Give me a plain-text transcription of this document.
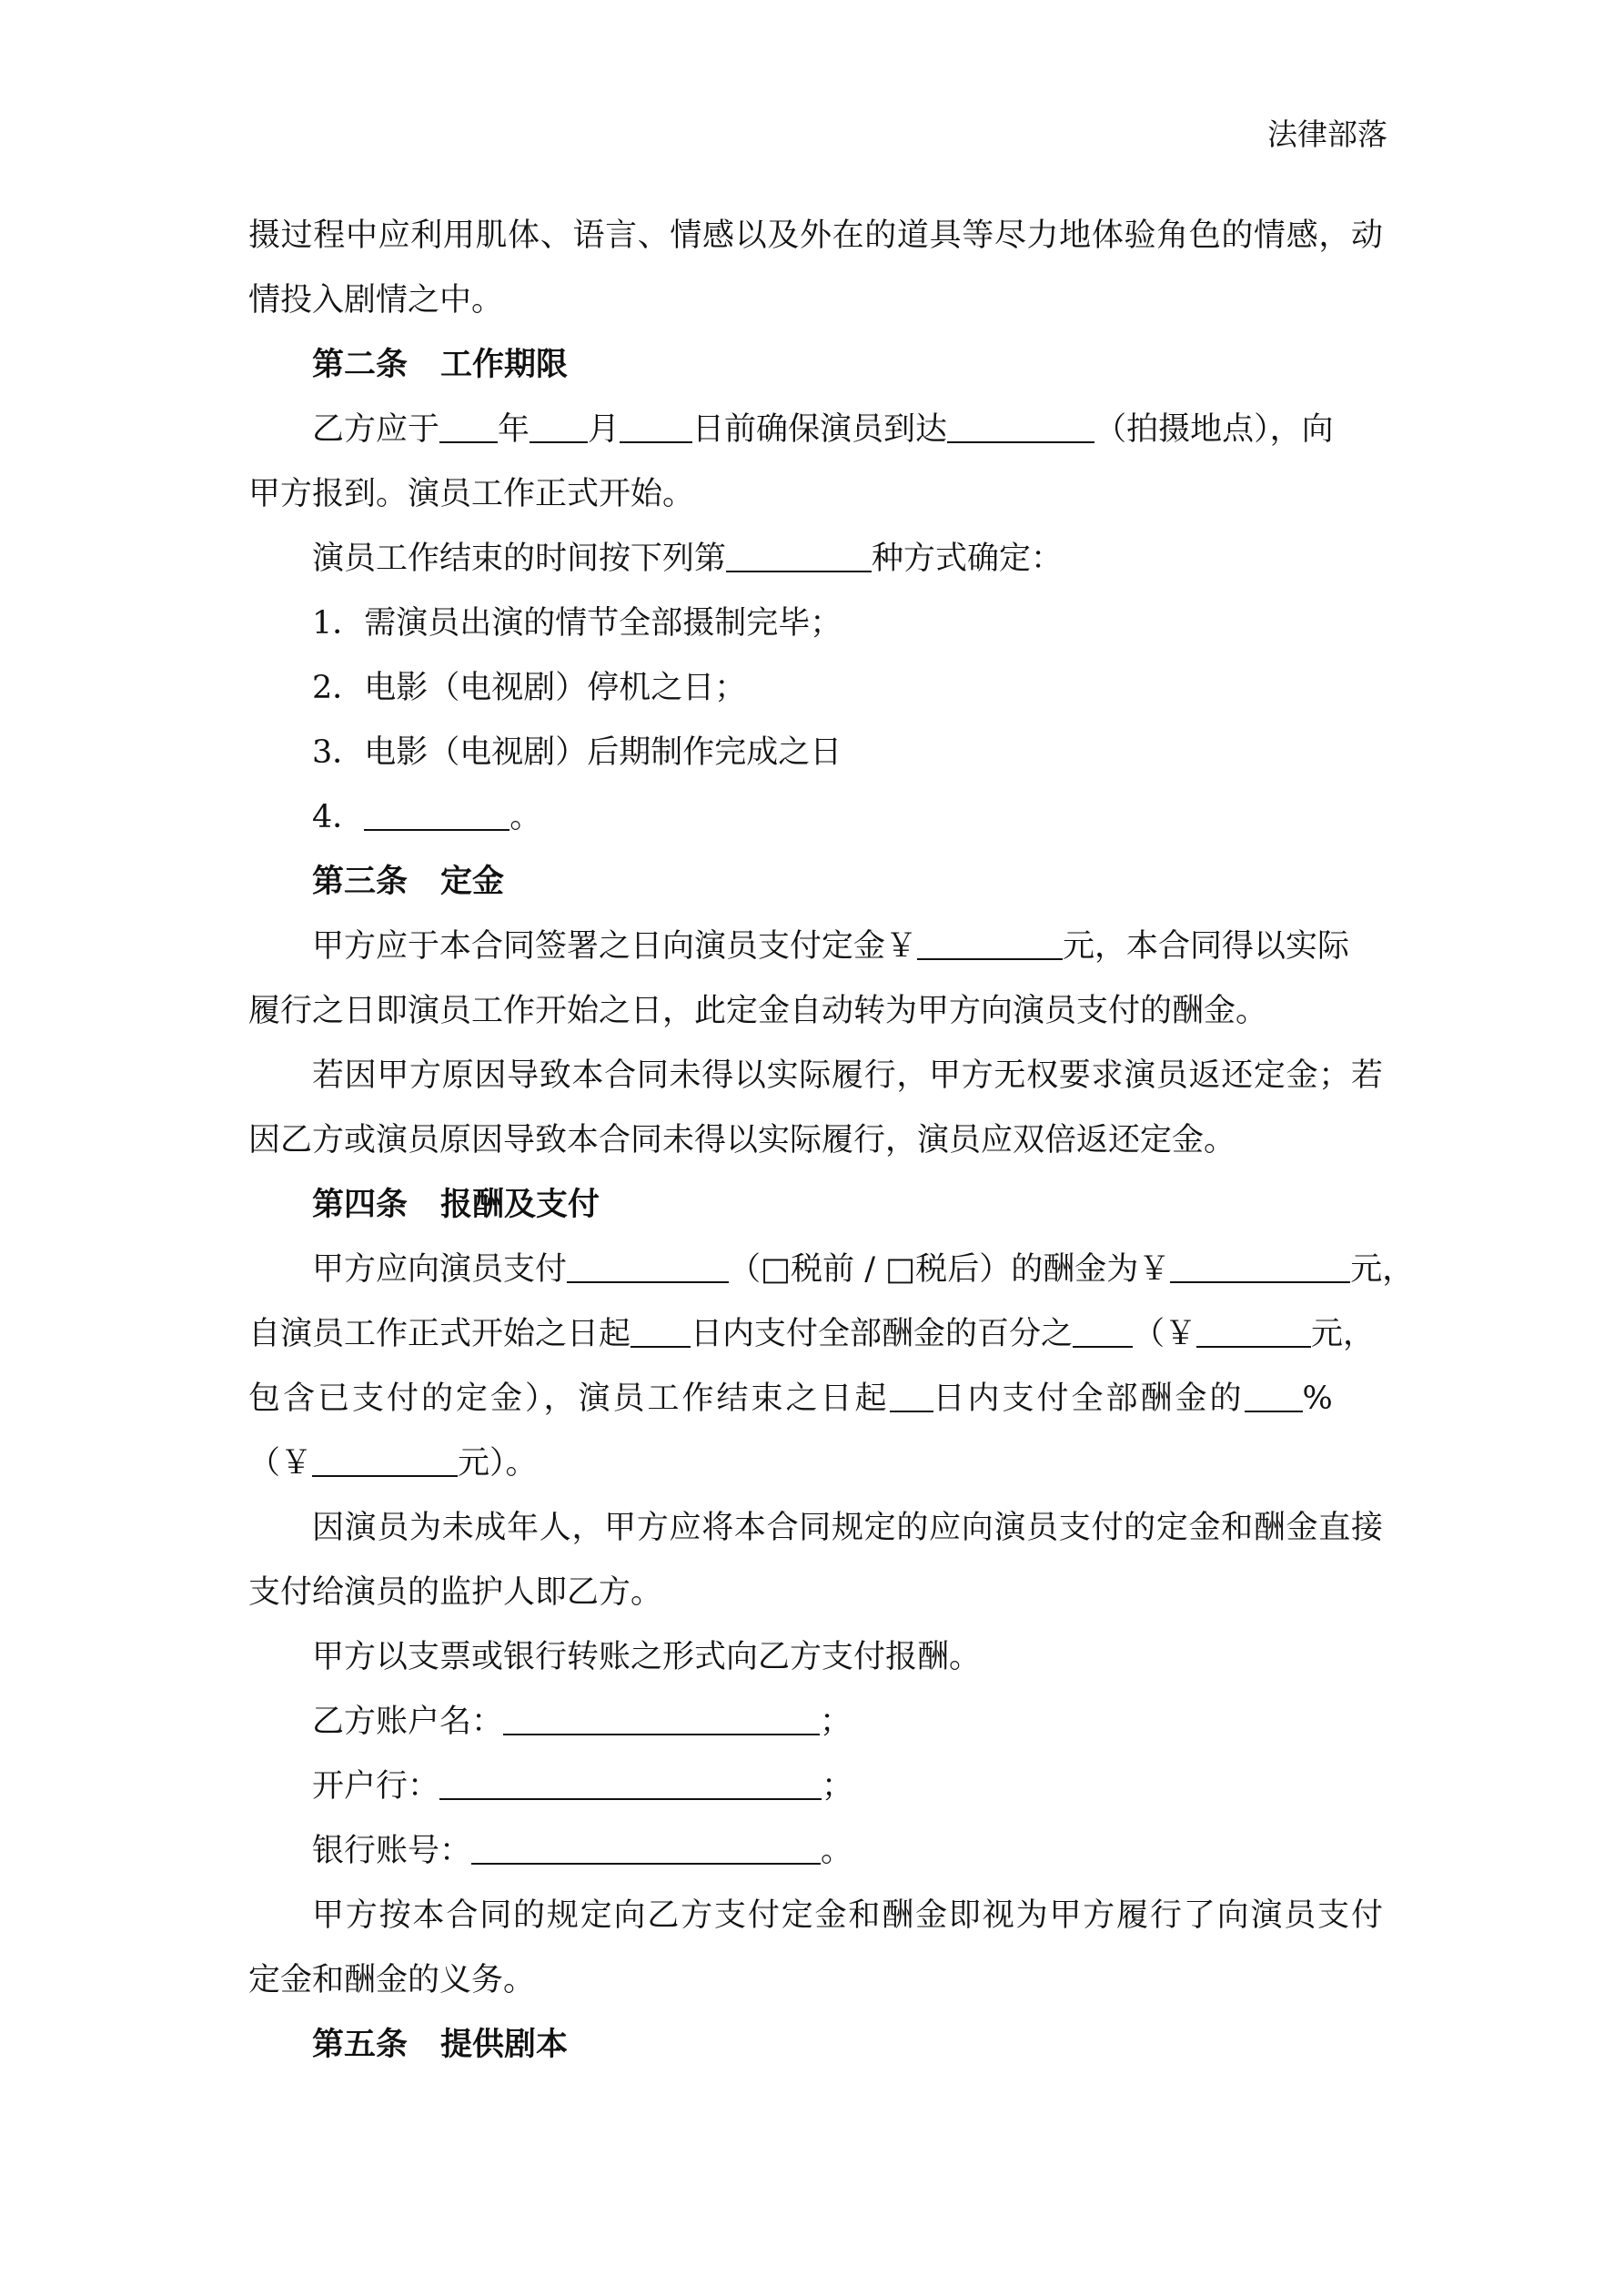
法律部落
摄过程中应利用肌体、语言、情感以及外在的道具等尽力地体验角色的情感，动
情投入剧情之中。
第二条 工作期限
乙方应于 年 月 日前确保演员到达	（拍摄地点），向
甲方报到。演员工作正式开始。
演员工作结束的时间按下列第	种方式确定：
1．需演员出演的情节全部摄制完毕；
2．电影（电视剧）停机之日；
3．电影（电视剧）后期制作完成之日
4．	。
第三条 定金
甲方应于本合同签署之日向演员支付定金￥	元，本合同得以实际
履行之日即演员工作开始之日，此定金自动转为甲方向演员支付的酬金。
若因甲方原因导致本合同未得以实际履行，甲方无权要求演员返还定金；若
因乙方或演员原因导致本合同未得以实际履行，演员应双倍返还定金。
第四条 报酬及支付
甲方应向演员支付	（□税前 / □税后）的酬金为￥	元，
自演员工作正式开始之日起 日内支付全部酬金的百分之 （￥	元，
包含已支付的定金），演员工作结束之日起 日内支付全部酬金的 %
（￥	元）。
因演员为未成年人，甲方应将本合同规定的应向演员支付的定金和酬金直接
支付给演员的监护人即乙方。
甲方以支票或银行转账之形式向乙方支付报酬。
乙方账户名：	；
开户行：	；
银行账号：	。
甲方按本合同的规定向乙方支付定金和酬金即视为甲方履行了向演员支付
定金和酬金的义务。
第五条 提供剧本
